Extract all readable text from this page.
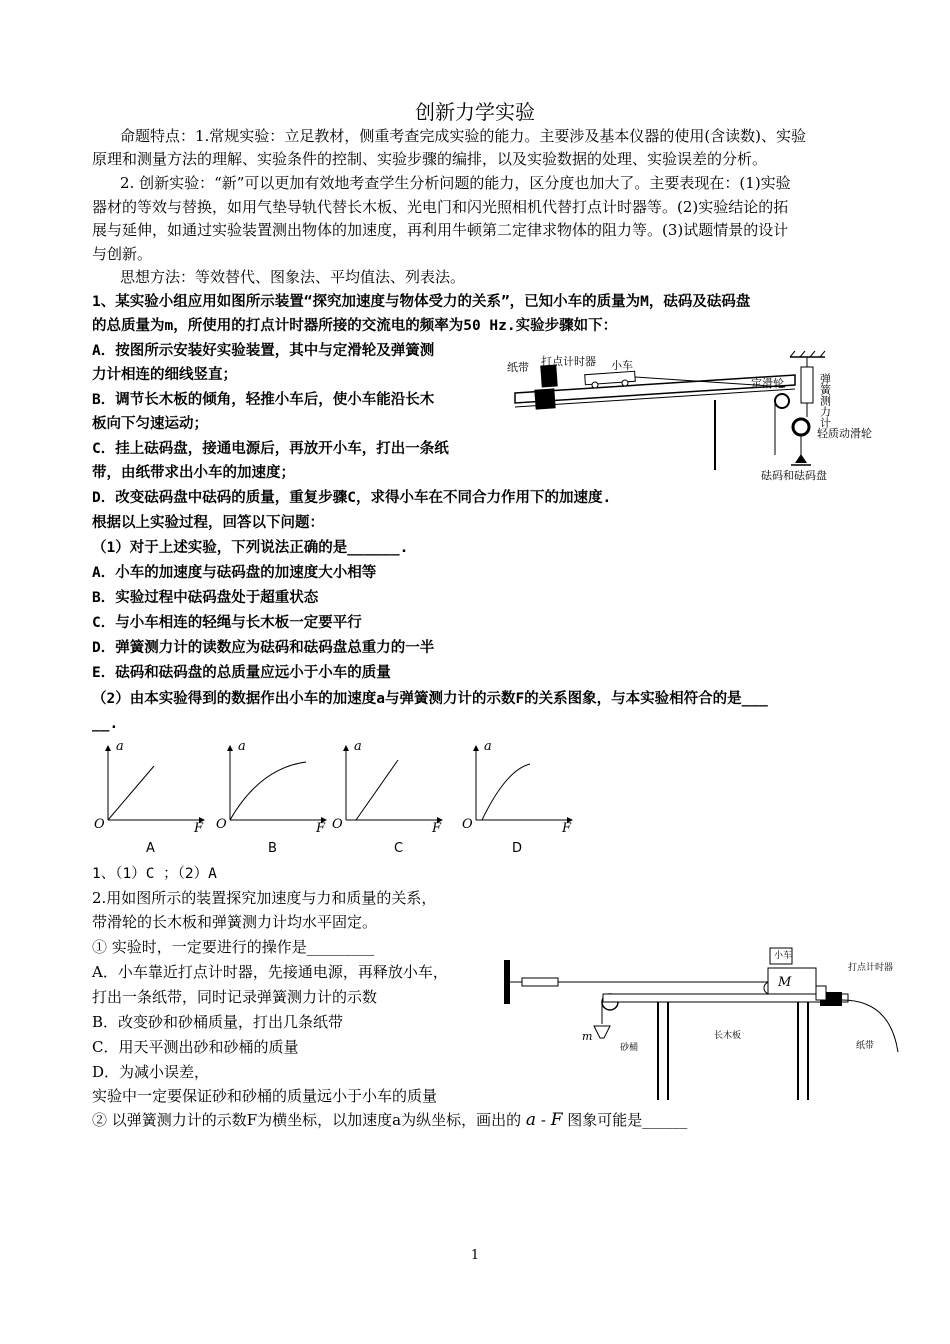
创新力学实验
命题特点：1.常规实验：立足教材，侧重考查完成实验的能力。主要涉及基本仪器的使用(含读数)、实验
原理和测量方法的理解、实验条件的控制、实验步骤的编排，以及实验数据的处理、实验误差的分析。
2. 创新实验：“新”可以更加有效地考查学生分析问题的能力，区分度也加大了。主要表现在：(1)实验
器材的等效与替换，如用气垫导轨代替长木板、光电门和闪光照相机代替打点计时器等。(2)实验结论的拓
展与延伸，如通过实验装置测出物体的加速度，再利用牛顿第二定律求物体的阻力等。(3)试题情景的设计
与创新。
思想方法：等效替代、图象法、平均值法、列表法。
1、某实验小组应用如图所示装置“探究加速度与物体受力的关系”，已知小车的质量为M，砝码及砝码盘
的总质量为m，所使用的打点计时器所接的交流电的频率为50 Hz.实验步骤如下：
A．按图所示安装好实验装置，其中与定滑轮及弹簧测
力计相连的细线竖直；
B．调节长木板的倾角，轻推小车后，使小车能沿长木
板向下匀速运动；
C．挂上砝码盘，接通电源后，再放开小车，打出一条纸
带，由纸带求出小车的加速度；
D．改变砝码盘中砝码的质量，重复步骤C，求得小车在不同合力作用下的加速度.
根据以上实验过程，回答以下问题：
（1）对于上述实验，下列说法正确的是______.
A．小车的加速度与砝码盘的加速度大小相等
B．实验过程中砝码盘处于超重状态
C．与小车相连的轻绳与长木板一定要平行
D．弹簧测力计的读数应为砝码和砝码盘总重力的一半
E．砝码和砝码盘的总质量应远小于小车的质量
（2）由本实验得到的数据作出小车的加速度a与弹簧测力计的示数F的关系图象，与本实验相符合的是___
__.
纸带 打点计时器 小车
定滑轮	弹簧测力计
轻质动滑轮
砝码和砝码盘
a
O	F
A
a
O	F
B
a
O	F
C
a
O	F
D
1、（1）C ；（2）A
2.用如图所示的装置探究加速度与力和质量的关系，
带滑轮的长木板和弹簧测力计均水平固定。
① 实验时，一定要进行的操作是_________
A．小车靠近打点计时器，先接通电源，再释放小车，
打出一条纸带，同时记录弹簧测力计的示数
B．改变砂和砂桶质量，打出几条纸带
C．用天平测出砂和砂桶的质量
D．为减小误差，
实验中一定要保证砂和砂桶的质量远小于小车的质量
② 以弹簧测力计的示数F为横坐标，以加速度a为纵坐标，画出的 a - F 图象可能是______
M
小车
打点计时器
m
砂桶
长木板
纸带
1
